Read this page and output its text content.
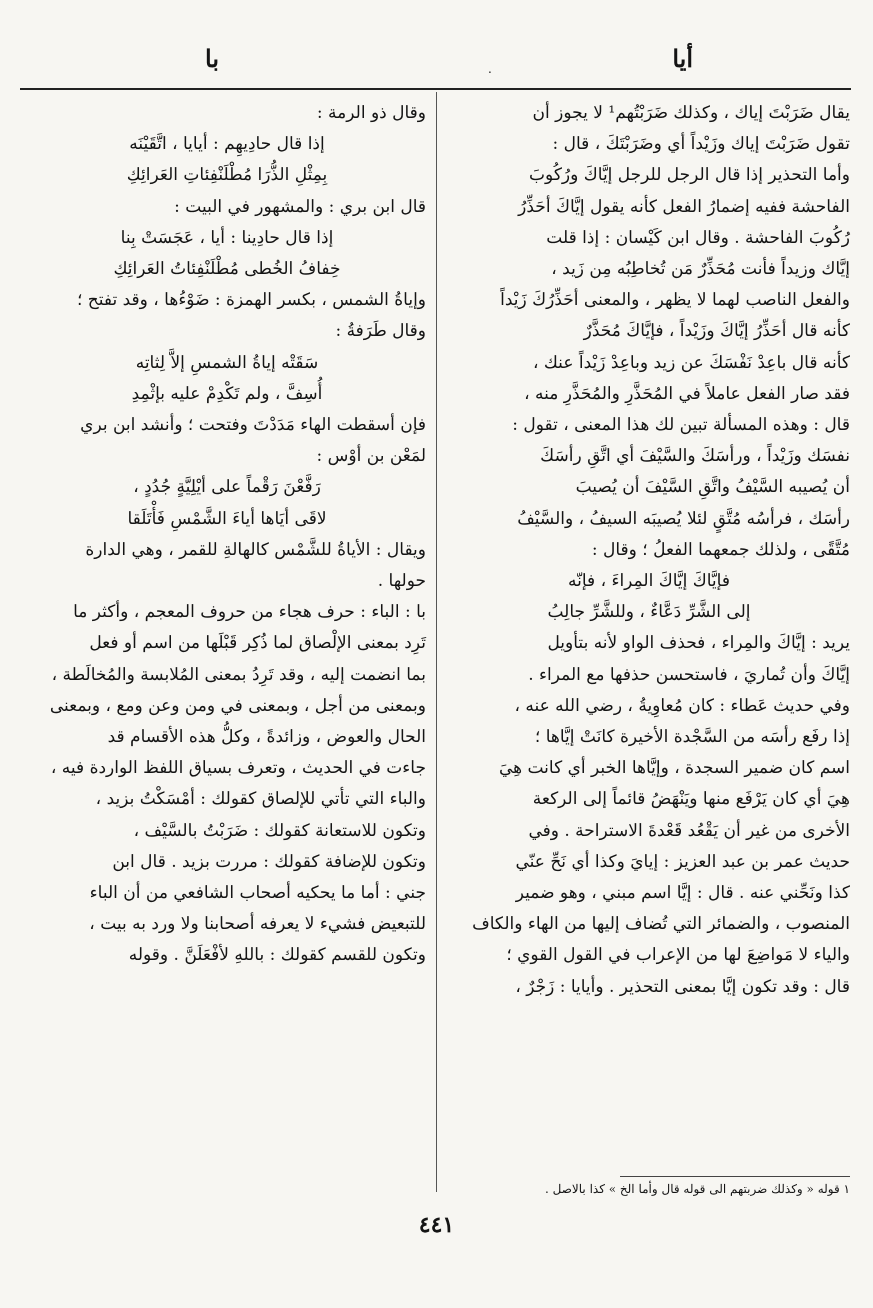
أيا
.
با

يقال ضَرَبْتَ إياك ، وكذلك ضَرَبْتُهم¹ لا يجوز أن

تقول ضَرَبْتَ إياك وزَيْداً أي وضَرَبْتَكَ ، قال :

وأما التحذير إذا قال الرجل للرجل إيَّاكَ ورُكُوبَ

الفاحشة ففيه إضمارُ الفعل كأنه يقول إيَّاكَ أحَذِّرُ

رُكُوبَ الفاحشة . وقال ابن كَيْسان : إذا قلت

إيَّاك وزيداً فأنت مُحَذِّرٌ مَن تُخاطِبُه مِن زَيد ،

والفعل الناصب لهما لا يظهر ، والمعنى أحَذِّرُكَ زَيْداً

كأنه قال أحَذِّرُ إيَّاكَ وزَيْداً ، فإيَّاكَ مُحَذَّرٌ

كأنه قال باعِدْ نَفْسَكَ عن زيد وباعِدْ زَيْداً عنك ،

فقد صار الفعل عاملاً في المُحَذَّرِ والمُحَذَّرِ منه ،

قال : وهذه المسألة تبين لك هذا المعنى ، تقول :

نفسَك وزَيْداً ، ورأسَكَ والسَّيْفَ أي اتَّقِ رأسَكَ

أن يُصيبه السَّيْفُ واتَّقِ السَّيْفَ أن يُصيبَ

رأسَك ، فرأسُه مُتَّقٍ لئلا يُصيبَه السيفُ ، والسَّيْفُ

مُتَّقًى ، ولذلك جمعهما الفعلُ ؛ وقال :

فإيَّاكَ إيَّاكَ المِراءَ ، فإنّه

إلى الشَّرِّ دَعَّاءٌ ، وللشَّرِّ جالِبُ

يريد : إيَّاكَ والمِراء ، فحذف الواو لأنه بتأويل

إيَّاكَ وأن تُماريَ ، فاستحسن حذفها مع المراء .

وفي حديث عَطاء : كان مُعاوِيةُ ، رضي الله عنه ،

إذا رفَع رأسَه من السَّجْدة الأخيرة كانَتْ إيَّاها ؛

اسم كان ضمير السجدة ، وإيَّاها الخبر أي كانت هِيَ

هِيَ أي كان يَرْفَع منها ويَنْهَضُ قائماً إلى الركعة

الأخرى من غير أن يَقْعُد قَعْدةَ الاستراحة . وفي

حديث عمر بن عبد العزيز : إيايَ وكذا أي نَحِّ عنّي

كذا ونَحِّني عنه . قال : إيَّا اسم مبني ، وهو ضمير

المنصوب ، والضمائر التي تُضاف إليها من الهاء والكاف

والياء لا مَواضِعَ لها من الإعراب في القول القوي ؛

قال : وقد تكون إيَّا بمعنى التحذير . وأيايا : زَجْرٌ ،

وقال ذو الرمة :

إذا قال حادِيهِم : أيايا ، اتَّقَيْنَه

بِمِثْلِ الذُّرَا مُطْلَنْفِئاتِ العَرائِكِ

قال ابن بري : والمشهور في البيت :

إذا قال حادِينا : أيا ، عَجَسَتْ بِنا

خِفافُ الخُطى مُطْلَنْفِئاتُ العَرائِكِ

وإياةُ الشمس ، بكسر الهمزة : ضَوْءُها ، وقد تفتح ؛

وقال طَرَفةُ :

سَقَتْه إياةُ الشمسِ إلاَّ لِثاتِه

أُسِفَّ ، ولم تَكْدِمْ عليه بإثْمِدِ

فإن أسقطت الهاء مَدَدْتَ وفتحت ؛ وأنشد ابن بري

لمَعْن بن أوْس :

رَفَّعْنَ رَقْماً على أيْلِيَّةٍ جُدُدٍ ،

لاقَى أيَاها أياءَ الشَّمْسِ فَأْتَلَقا

ويقال : الأياةُ للشَّمْس كالهالةِ للقمر ، وهي الدارة

حولها .

با : الباء : حرف هجاء من حروف المعجم ، وأكثر ما

تَرِد بمعنى الإلْصاق لما ذُكِر قَبْلَها من اسم أو فعل

بما انضمت إليه ، وقد تَرِدُ بمعنى المُلابسة والمُخالَطة ،

وبمعنى من أجل ، وبمعنى في ومن وعن ومع ، وبمعنى

الحال والعوض ، وزائدةً ، وكلُّ هذه الأقسام قد

جاءت في الحديث ، وتعرف بسياق اللفظ الواردة فيه ،

والباء التي تأتي للإلصاق كقولك : أمْسَكْتُ بزيد ،

وتكون للاستعانة كقولك : ضَرَبْتُ بالسَّيْف ،

وتكون للإضافة كقولك : مررت بزيد . قال ابن

جني : أما ما يحكيه أصحاب الشافعي من أن الباء

للتبعيض فشيء لا يعرفه أصحابنا ولا ورد به بيت ،

وتكون للقسم كقولك : باللهِ لأفْعَلَنَّ . وقوله

١ قوله « وكذلك ضربتهم الى قوله قال وأما الخ » كذا بالاصل .
٤٤١
